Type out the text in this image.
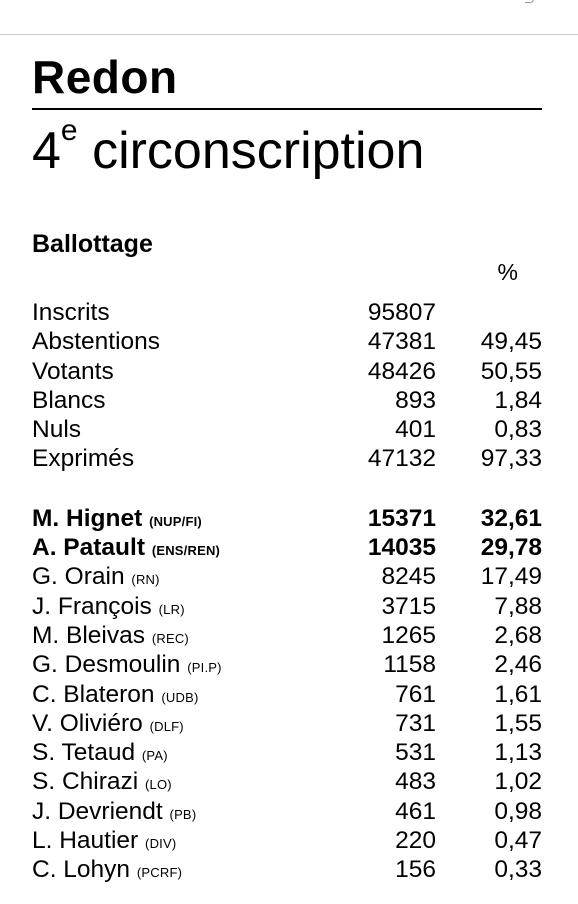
Redon
4e circonscription
Ballottage
%
Inscrits	95807
Abstentions	47381 49,45
Votants	48426 50,55
Blancs	893 1,84
Nuls	401 0,83
Exprimés	47132 97,33
M. Hignet (NUP/FI)	15371 32,61
A. Patault (ENS/REN)	14035 29,78
G. Orain (RN)	8245 17,49
J. François (LR)	3715 7,88
M. Bleivas (REC)	1265 2,68
G. Desmoulin (PI.P)	1158 2,46
C. Blateron (UDB)	761 1,61
V. Oliviéro (DLF)	731 1,55
S. Tetaud (PA)	531 1,13
S. Chirazi (LO)	483 1,02
J. Devriendt (PB)	461 0,98
L. Hautier (DIV)	220 0,47
C. Lohyn (PCRF)	156 0,33
